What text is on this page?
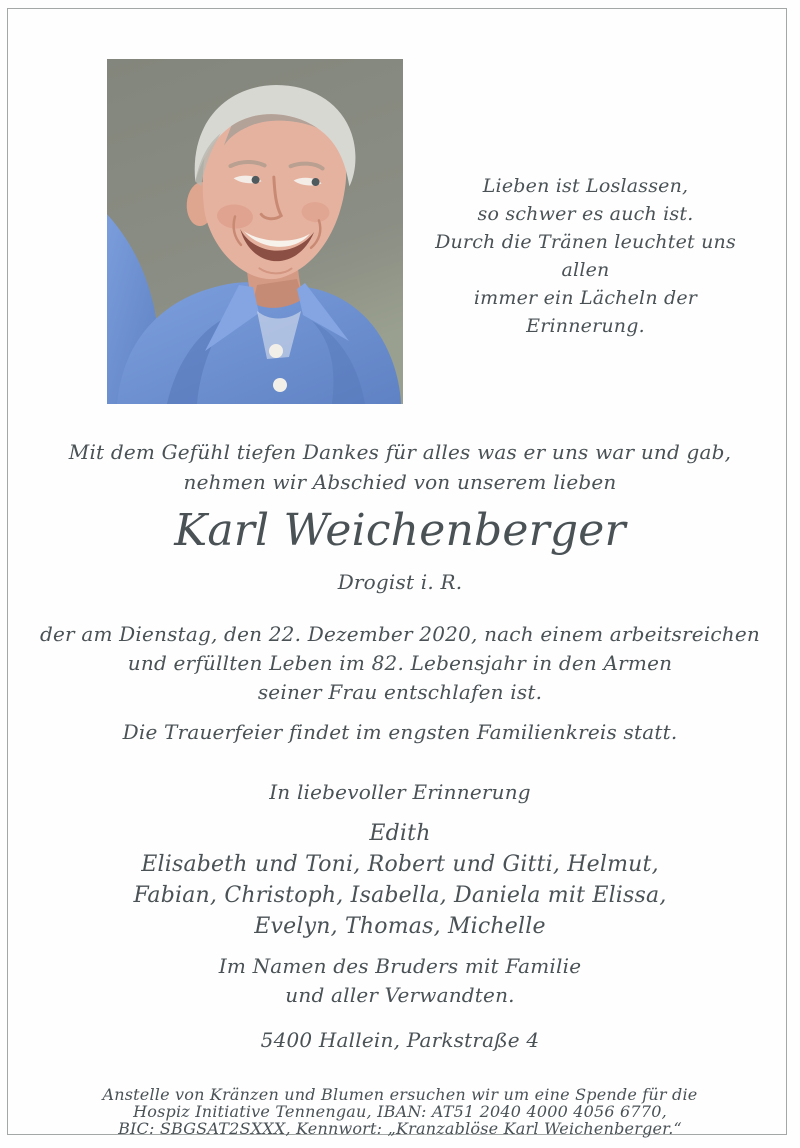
Lieben ist Loslassen,
so schwer es auch ist.
Durch die Tränen leuchtet uns allen
immer ein Lächeln der Erinnerung.
Mit dem Gefühl tiefen Dankes für alles was er uns war und gab,
nehmen wir Abschied von unserem lieben
Karl Weichenberger
Drogist i. R.
der am Dienstag, den 22. Dezember 2020, nach einem arbeitsreichen
und erfüllten Leben im 82. Lebensjahr in den Armen
seiner Frau entschlafen ist.
Die Trauerfeier findet im engsten Familienkreis statt.
In liebevoller Erinnerung
Edith
Elisabeth und Toni, Robert und Gitti, Helmut,
Fabian, Christoph, Isabella, Daniela mit Elissa,
Evelyn, Thomas, Michelle
Im Namen des Bruders mit Familie
und aller Verwandten.
5400 Hallein, Parkstraße 4
Anstelle von Kränzen und Blumen ersuchen wir um eine Spende für die
Hospiz Initiative Tennengau, IBAN: AT51 2040 4000 4056 6770,
BIC: SBGSAT2SXXX, Kennwort: „Kranzablöse Karl Weichenberger.“
